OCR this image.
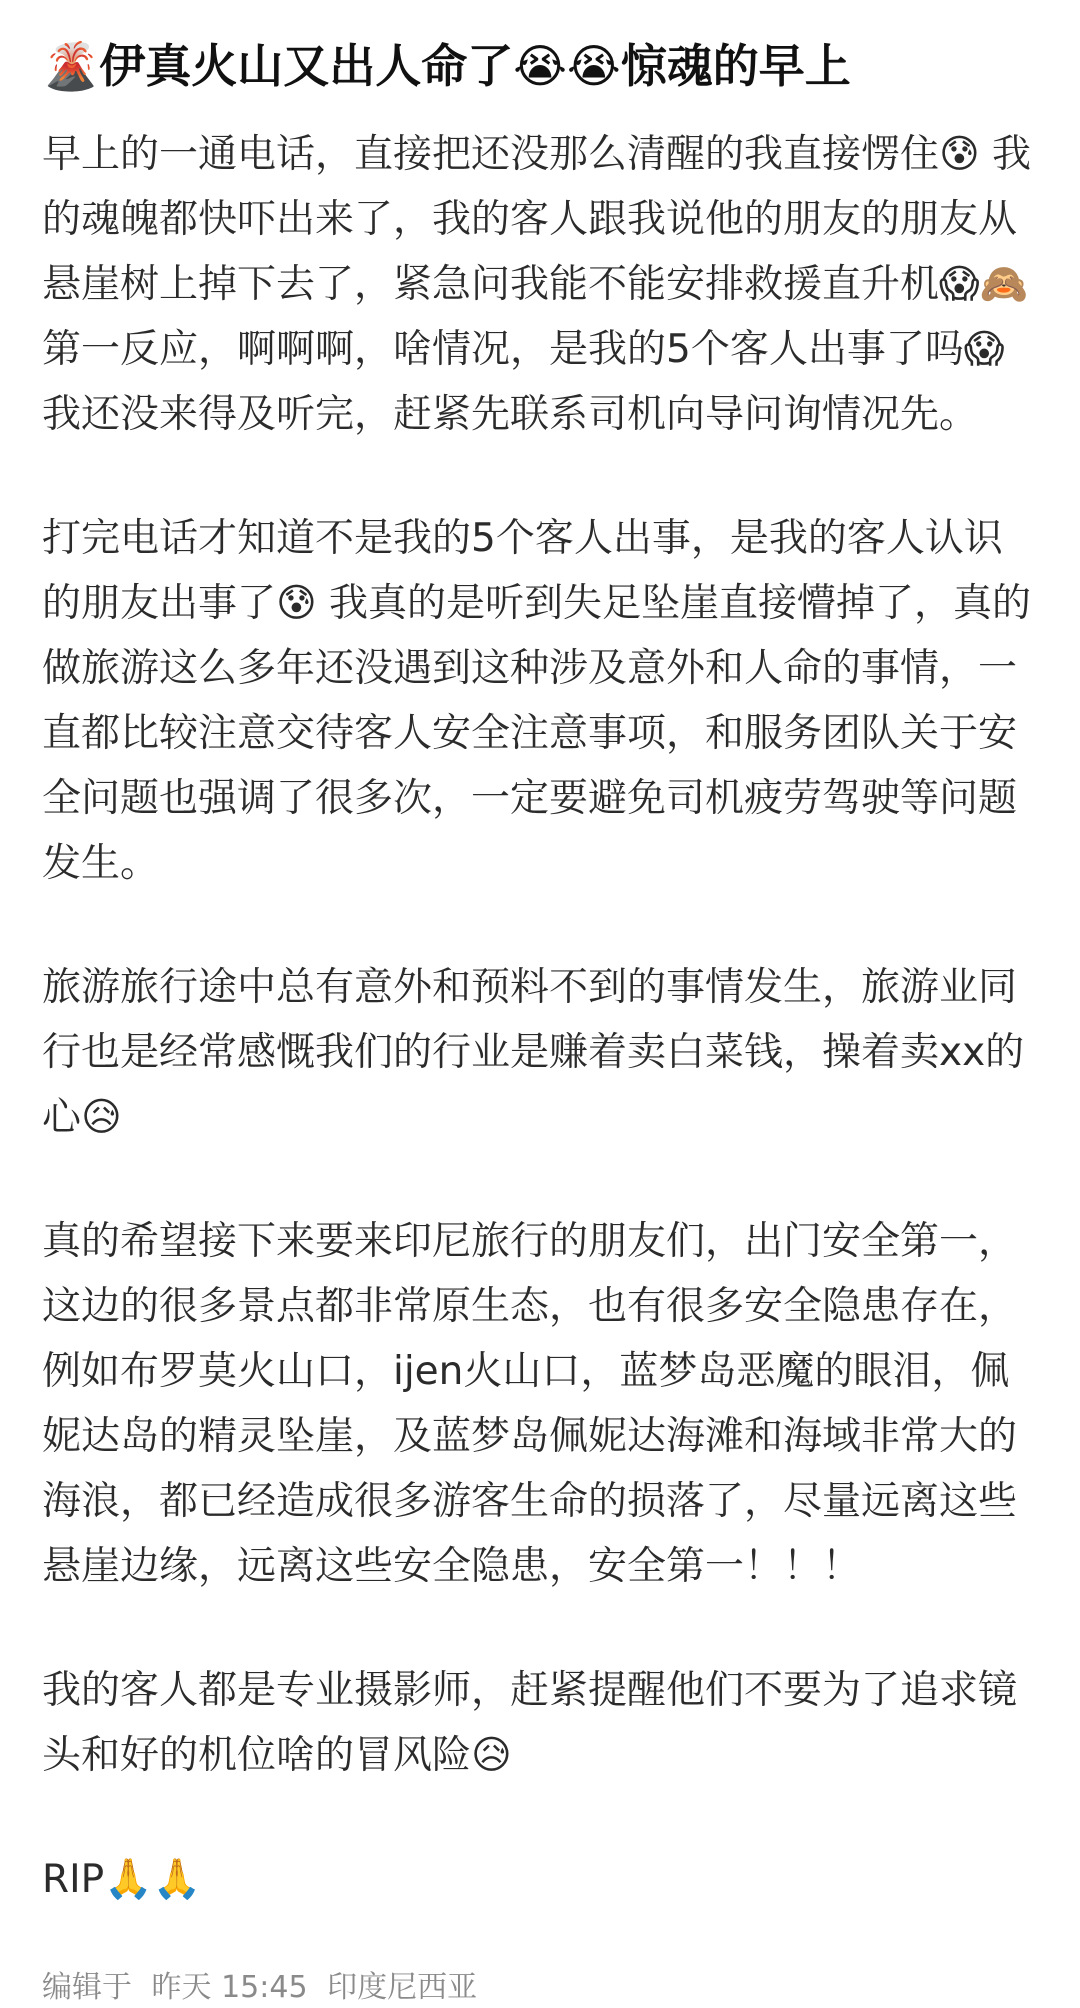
🌋伊真火山又出人命了😭😭惊魂的早上

早上的一通电话，直接把还没那么清醒的我直接愣住😰 我的魂魄都快吓出来了，我的客人跟我说他的朋友的朋友从悬崖树上掉下去了，紧急问我能不能安排救援直升机😱🙈第一反应，啊啊啊，啥情况，是我的5个客人出事了吗😱我还没来得及听完，赶紧先联系司机向导问询情况先。

打完电话才知道不是我的5个客人出事，是我的客人认识的朋友出事了😰 我真的是听到失足坠崖直接懵掉了，真的做旅游这么多年还没遇到这种涉及意外和人命的事情，一直都比较注意交待客人安全注意事项，和服务团队关于安全问题也强调了很多次，一定要避免司机疲劳驾驶等问题发生。

旅游旅行途中总有意外和预料不到的事情发生，旅游业同行也是经常感慨我们的行业是赚着卖白菜钱，操着卖xx的心😥

真的希望接下来要来印尼旅行的朋友们，出门安全第一，这边的很多景点都非常原生态，也有很多安全隐患存在，例如布罗莫火山口，ijen火山口，蓝梦岛恶魔的眼泪，佩妮达岛的精灵坠崖，及蓝梦岛佩妮达海滩和海域非常大的海浪，都已经造成很多游客生命的损落了，尽量远离这些悬崖边缘，远离这些安全隐患，安全第一！！！

我的客人都是专业摄影师，赶紧提醒他们不要为了追求镜头和好的机位啥的冒风险😥

RIP🙏🙏

编辑于 昨天 15:45 印度尼西亚
